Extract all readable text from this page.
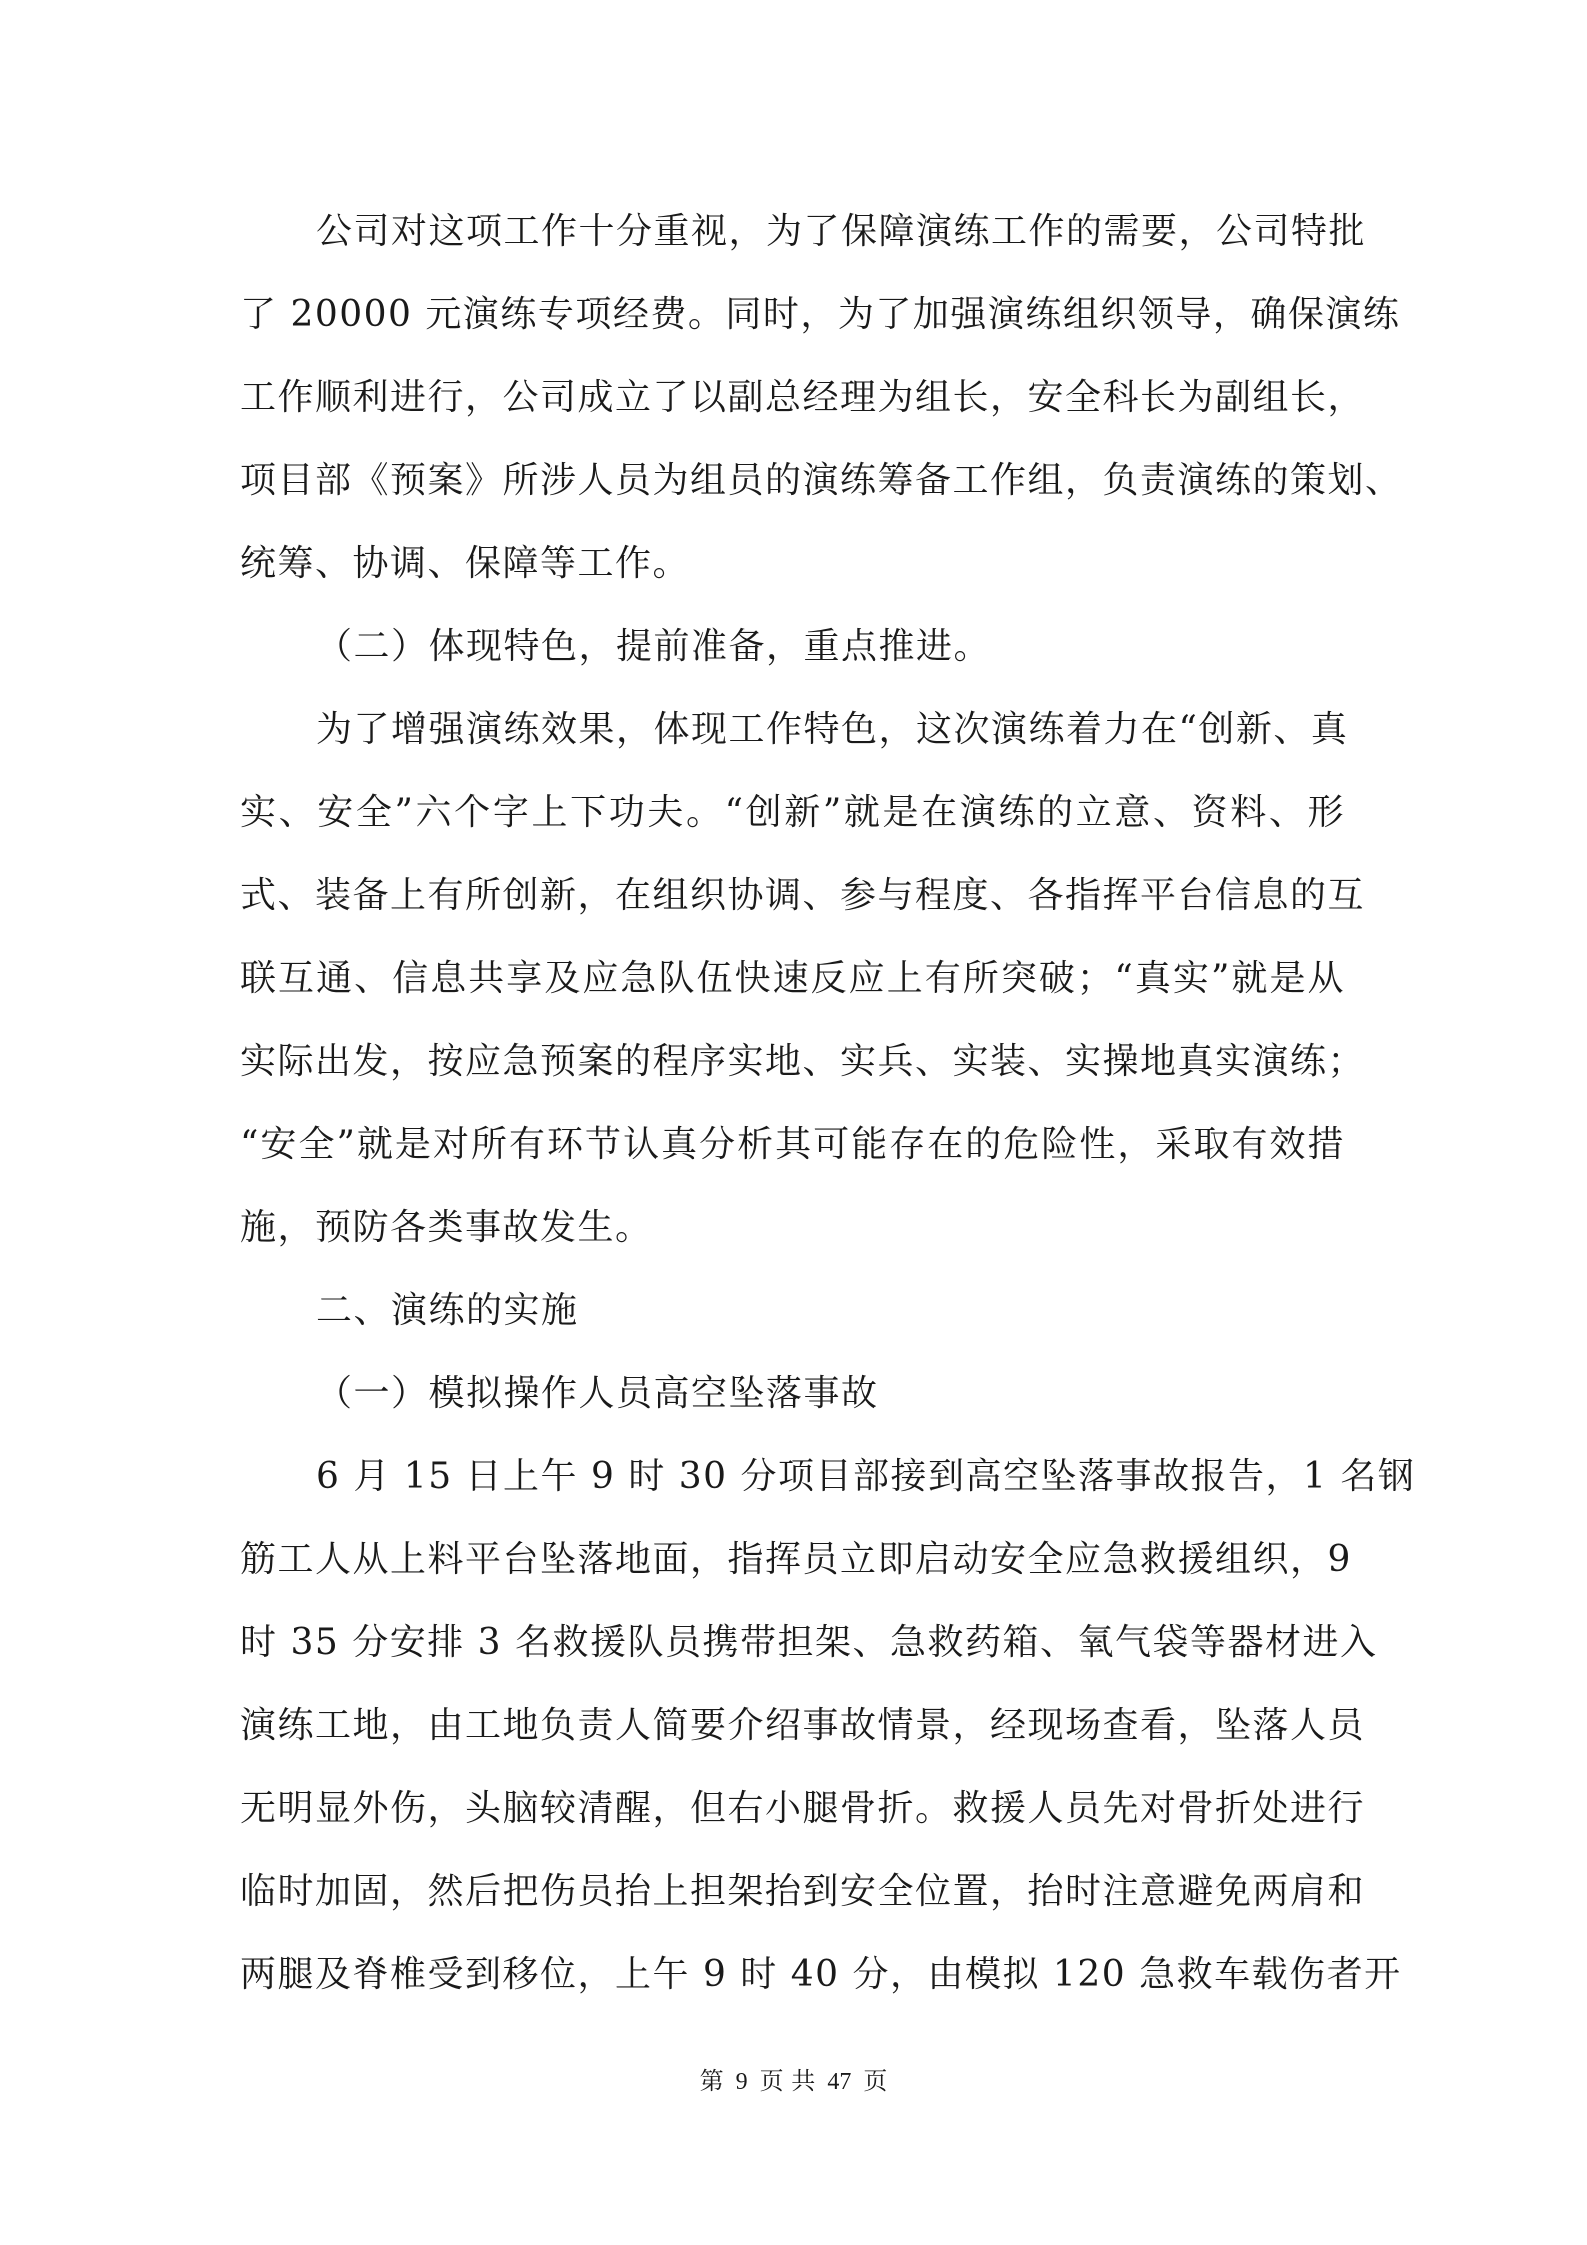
公司对这项工作十分重视，为了保障演练工作的需要，公司特批
了 20000 元演练专项经费。同时，为了加强演练组织领导，确保演练
工作顺利进行，公司成立了以副总经理为组长，安全科长为副组长，
项目部《预案》所涉人员为组员的演练筹备工作组，负责演练的策划、
统筹、协调、保障等工作。
（二）体现特色，提前准备，重点推进。
为了增强演练效果，体现工作特色，这次演练着力在“创新、真
实、安全”六个字上下功夫。“创新”就是在演练的立意、资料、形
式、装备上有所创新，在组织协调、参与程度、各指挥平台信息的互
联互通、信息共享及应急队伍快速反应上有所突破；“真实”就是从
实际出发，按应急预案的程序实地、实兵、实装、实操地真实演练；
“安全”就是对所有环节认真分析其可能存在的危险性，采取有效措
施，预防各类事故发生。
二、演练的实施
（一）模拟操作人员高空坠落事故
6 月 15 日上午 9 时 30 分项目部接到高空坠落事故报告，1 名钢
筋工人从上料平台坠落地面，指挥员立即启动安全应急救援组织，9
时 35 分安排 3 名救援队员携带担架、急救药箱、氧气袋等器材进入
演练工地，由工地负责人简要介绍事故情景，经现场查看，坠落人员
无明显外伤，头脑较清醒，但右小腿骨折。救援人员先对骨折处进行
临时加固，然后把伤员抬上担架抬到安全位置，抬时注意避免两肩和
两腿及脊椎受到移位，上午 9 时 40 分，由模拟 120 急救车载伤者开
第 9 页 共 47 页
